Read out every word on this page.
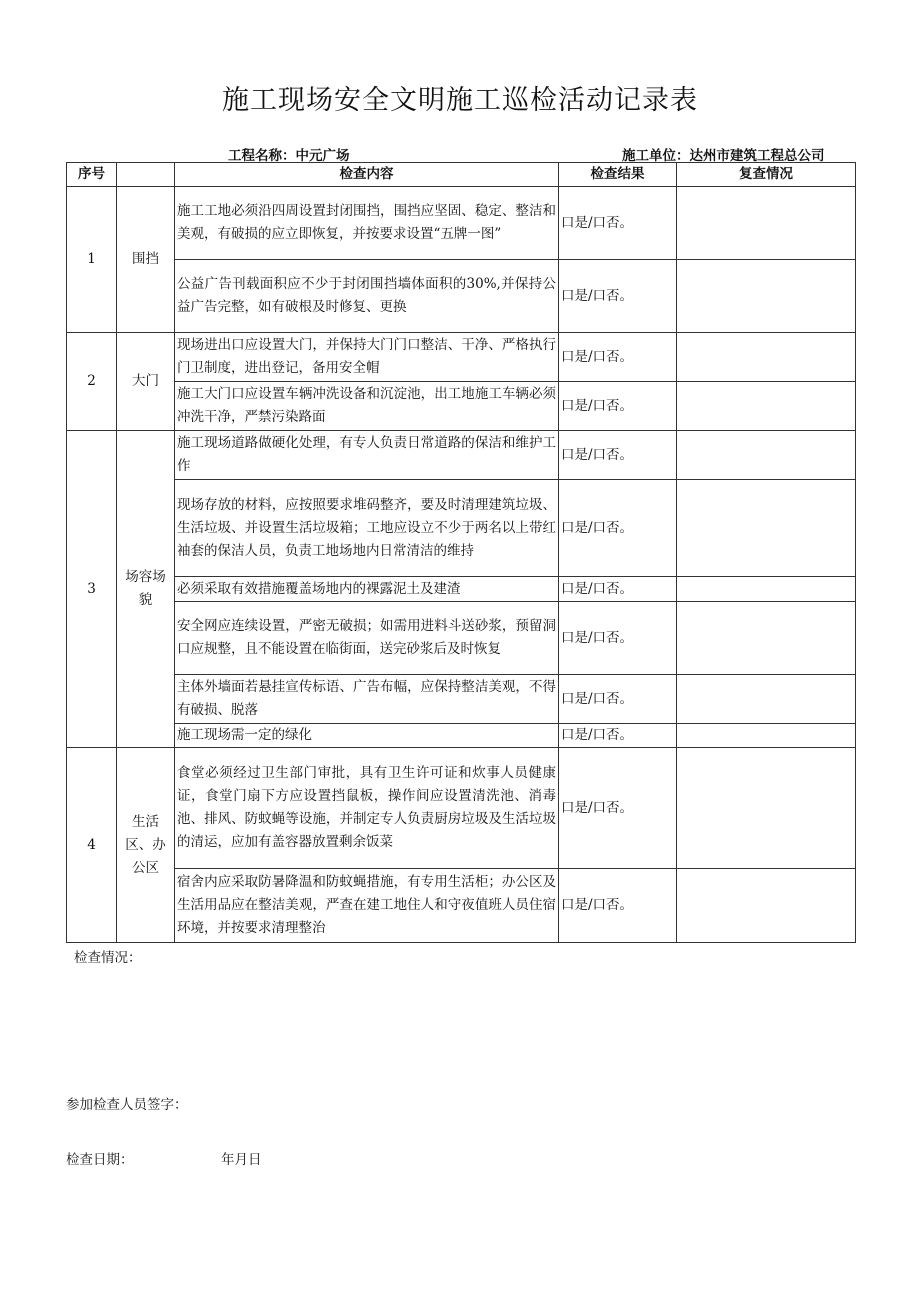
施工现场安全文明施工巡检活动记录表
工程名称：中元广场	施工单位：达州市建筑工程总公司
序号		检查内容	检查结果	复查情况
1	围挡	施工工地必须沿四周设置封闭围挡，围挡应坚固、稳定、整洁和美观，有破损的应立即恢复，并按要求设置“五牌一图”	口是/口否。	
		公益广告刊载面积应不少于封闭围挡墙体面积的30%,并保持公益广告完整，如有破根及时修复、更换	口是/口否。	
2	大门	现场进出口应设置大门，并保持大门门口整洁、干净、严格执行门卫制度，进出登记，备用安全帽	口是/口否。	
		施工大门口应设置车辆冲洗设备和沉淀池，出工地施工车辆必须冲洗干净，严禁污染路面	口是/口否。	
3	场容场貌	施工现场道路做硬化处理，有专人负责日常道路的保洁和维护工作	口是/口否。	
		现场存放的材料，应按照要求堆码整齐，要及时清理建筑垃圾、生活垃圾、并设置生活垃圾箱；工地应设立不少于两名以上带红袖套的保洁人员，负责工地场地内日常清洁的维持	口是/口否。	
		必须采取有效措施覆盖场地内的裸露泥土及建渣	口是/口否。	
		安全网应连续设置，严密无破损；如需用进料斗送砂浆，预留洞口应规整，且不能设置在临街面，送完砂浆后及时恢复	口是/口否。	
		主体外墙面若悬挂宣传标语、广告布幅，应保持整洁美观，不得有破损、脱落	口是/口否。	
		施工现场需一定的绿化	口是/口否。	
4	生活区、办公区	食堂必须经过卫生部门审批，具有卫生许可证和炊事人员健康证，食堂门扇下方应设置挡鼠板，操作间应设置清洗池、消毒池、排风、防蚊蝇等设施，并制定专人负责厨房垃圾及生活垃圾的清运，应加有盖容器放置剩余饭菜	口是/口否。	
		宿舍内应采取防暑降温和防蚊蝇措施，有专用生活柜；办公区及生活用品应在整洁美观，严查在建工地住人和守夜值班人员住宿环境，并按要求清理整治	口是/口否。	
检查情况：
参加检查人员签字：
检查日期：	年月日
